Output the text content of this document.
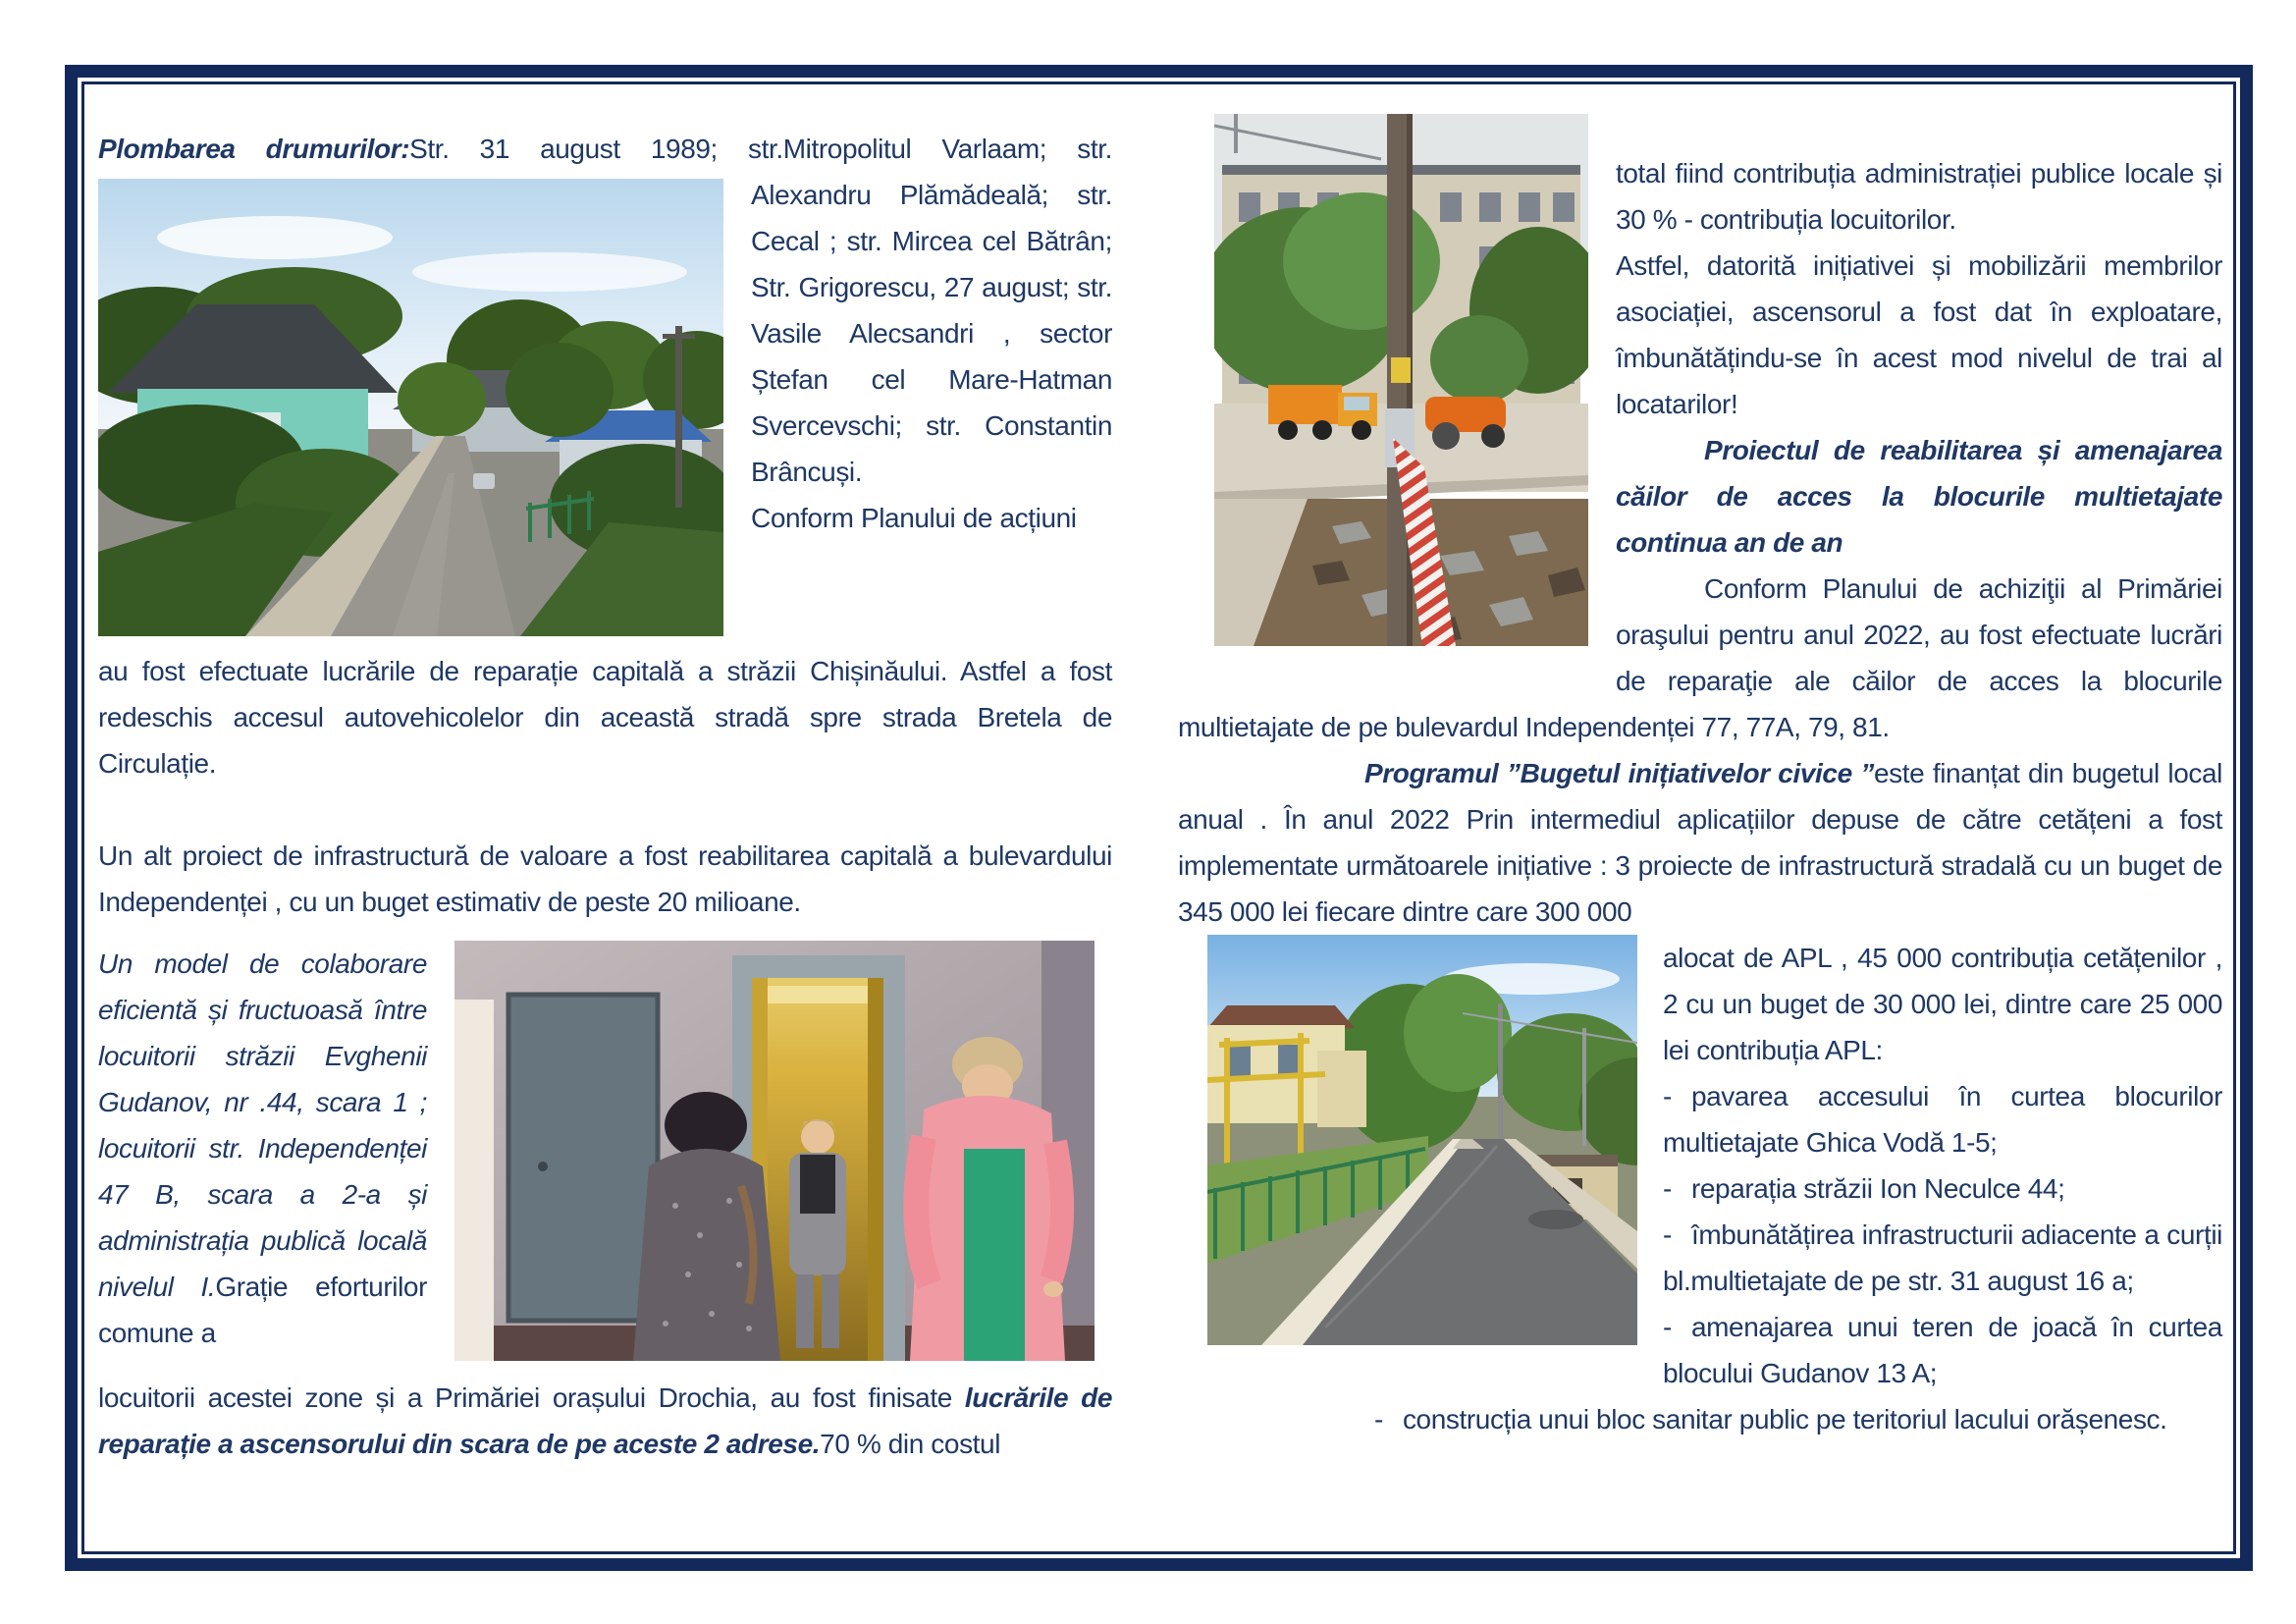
Plombarea drumurilor:Str. 31 august 1989; str.Mitropolitul Varlaam; str.

Alexandru Plămădeală; str. Cecal ; str. Mircea cel Bătrân; Str. Grigorescu, 27 august; str. Vasile Alecsandri , sector Ștefan cel Mare-Hatman Svercevschi; str. Constantin Brâncuși.

Conform Planului de acțiuni

au fost efectuate lucrările de reparație capitală a străzii Chișinăului. Astfel a fost redeschis accesul autovehicolelor din această stradă spre strada Bretela de Circulație.

Un alt proiect de infrastructură de valoare a fost reabilitarea capitală a bulevardului Independenței , cu un buget estimativ de peste 20 milioane.

Un model de colaborare eficientă și fructuoasă între locuitorii străzii Evghenii Gudanov, nr .44, scara 1 ; locuitorii str. Independenței 47 B, scara a 2-a și administrația publică locală nivelul I.Grație eforturilor comune a

locuitorii acestei zone și a Primăriei orașului Drochia, au fost finisate lucrările de reparație a ascensorului din scara de pe aceste 2 adrese.70 % din costul

total fiind contribuția administrației publice locale și 30 % - contribuția locuitorilor.

Astfel, datorită inițiativei și mobilizării membrilor asociației, ascensorul a fost dat în exploatare, îmbunătățindu-se în acest mod nivelul de trai al locatarilor!

Proiectul de reabilitarea și amenajarea căilor de acces la blocurile multietajate continua an de an

Conform Planului de achiziţii al Primăriei oraşului pentru anul 2022, au fost efectuate lucrări de reparaţie ale căilor de acces la blocurile multietajate de pe bulevardul Independenței 77, 77A, 79, 81.

Programul ”Bugetul inițiativelor civice ”este finanțat din bugetul local anual . În anul 2022 Prin intermediul aplicațiilor depuse de către cetățeni a fost implementate următoarele inițiative : 3 proiecte de infrastructură stradală cu un buget de 345 000 lei fiecare dintre care 300 000

alocat de APL , 45 000 contribuția cetățenilor , 2 cu un buget de 30 000 lei, dintre care 25 000 lei contribuția APL:

- pavarea accesului în curtea blocurilor multietajate Ghica Vodă 1-5;

- reparația străzii Ion Neculce 44;

- îmbunătățirea infrastructurii adiacente a curții bl.multietajate de pe str. 31 august 16 a;

- amenajarea unui teren de joacă în curtea blocului Gudanov 13 A;

- construcția unui bloc sanitar public pe teritoriul lacului orășenesc.
